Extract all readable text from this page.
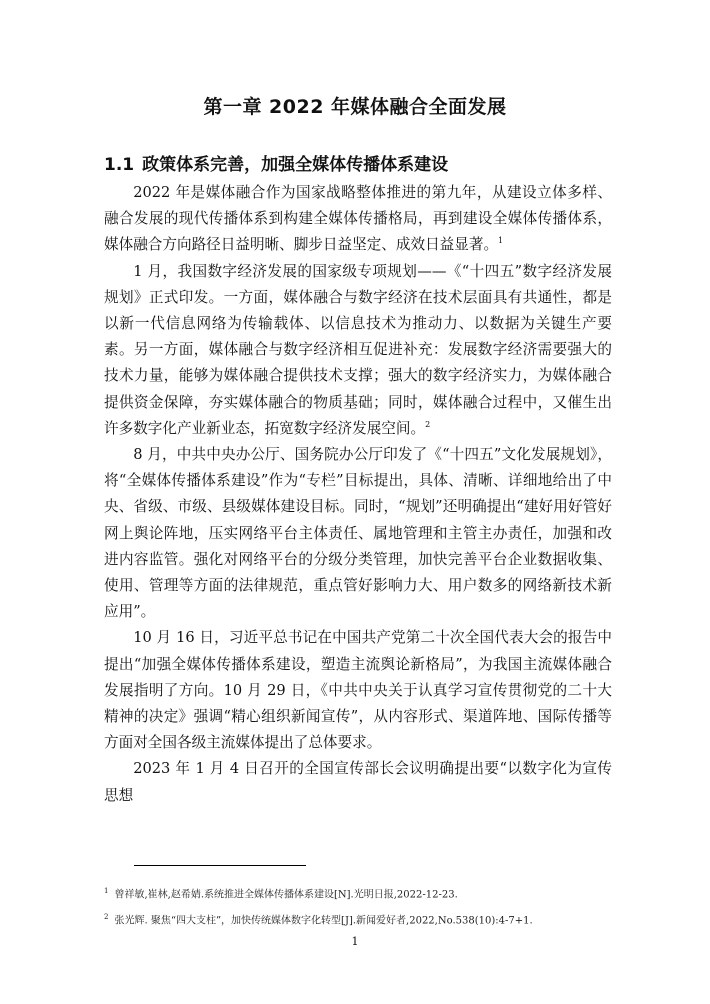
第一章 2022 年媒体融合全面发展
1.1 政策体系完善，加强全媒体传播体系建设

2022 年是媒体融合作为国家战略整体推进的第九年，从建设立体多样、融合发展的现代传播体系到构建全媒体传播格局，再到建设全媒体传播体系，媒体融合方向路径日益明晰、脚步日益坚定、成效日益显著。$^1$

1 月，我国数字经济发展的国家级专项规划——《“十四五”数字经济发展规划》正式印发。一方面，媒体融合与数字经济在技术层面具有共通性，都是以新一代信息网络为传输载体、以信息技术为推动力、以数据为关键生产要素。另一方面，媒体融合与数字经济相互促进补充：发展数字经济需要强大的技术力量，能够为媒体融合提供技术支撑；强大的数字经济实力，为媒体融合提供资金保障，夯实媒体融合的物质基础；同时，媒体融合过程中，又催生出许多数字化产业新业态，拓宽数字经济发展空间。$^2$

8 月，中共中央办公厅、国务院办公厅印发了《“十四五”文化发展规划》，将“全媒体传播体系建设”作为“专栏”目标提出，具体、清晰、详细地给出了中央、省级、市级、县级媒体建设目标。同时，“规划”还明确提出“建好用好管好网上舆论阵地，压实网络平台主体责任、属地管理和主管主办责任，加强和改进内容监管。强化对网络平台的分级分类管理，加快完善平台企业数据收集、使用、管理等方面的法律规范，重点管好影响力大、用户数多的网络新技术新应用”。

10 月 16 日，习近平总书记在中国共产党第二十次全国代表大会的报告中提出“加强全媒体传播体系建设，塑造主流舆论新格局”，为我国主流媒体融合发展指明了方向。10 月 29 日，《中共中央关于认真学习宣传贯彻党的二十大精神的决定》强调“精心组织新闻宣传”，从内容形式、渠道阵地、国际传播等方面对全国各级主流媒体提出了总体要求。

2023 年 1 月 4 日召开的全国宣传部长会议明确提出要“以数字化为宣传思想

$^1$ 曾祥敏,崔林,赵希婧.系统推进全媒体传播体系建设[N].光明日报,2022-12-23.
$^2$ 张光辉. 聚焦“四大支柱”，加快传统媒体数字化转型[J].新闻爱好者,2022,No.538(10):4-7+1.
1
